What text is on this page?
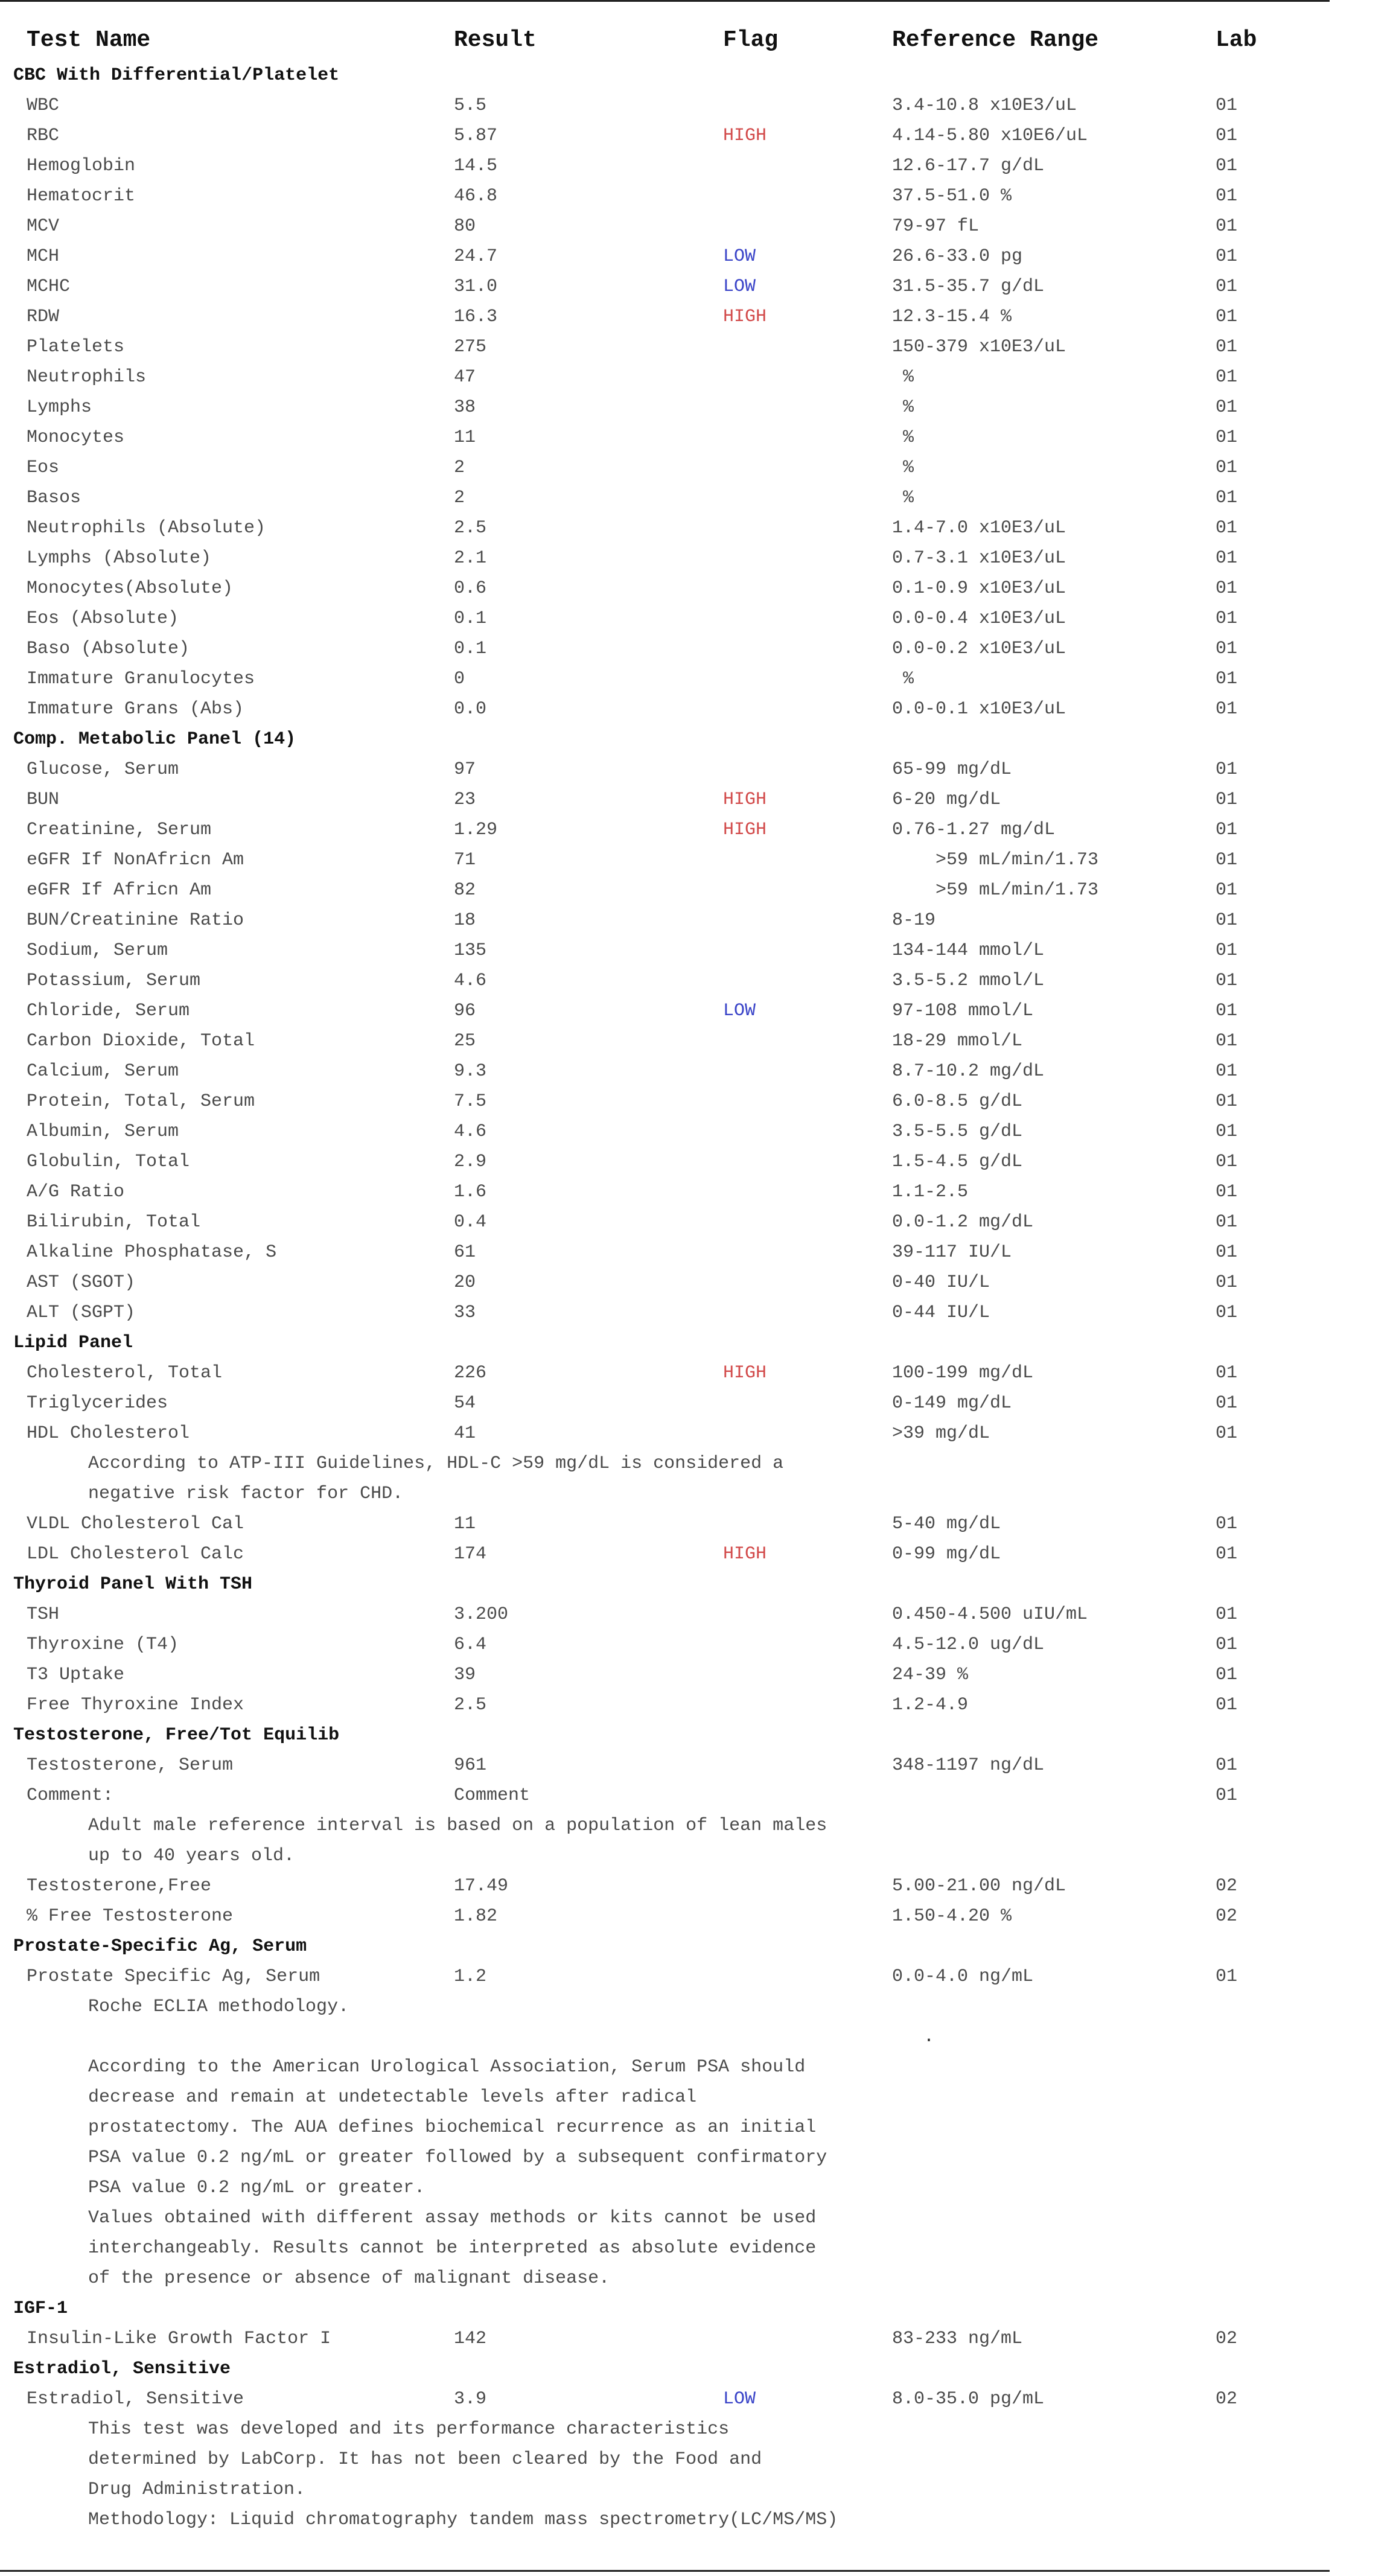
Test Name	Result	Flag	Reference Range	Lab
CBC With Differential/Platelet
WBC	5.5	3.4-10.8 x10E3/uL	01
RBC	5.87	HIGH	4.14-5.80 x10E6/uL	01
Hemoglobin	14.5	12.6-17.7 g/dL	01
Hematocrit	46.8	37.5-51.0 %	01
MCV	80	79-97 fL	01
MCH	24.7	LOW	26.6-33.0 pg	01
MCHC	31.0	LOW	31.5-35.7 g/dL	01
RDW	16.3	HIGH	12.3-15.4 %	01
Platelets	275	150-379 x10E3/uL	01
Neutrophils	47	%	01
Lymphs	38	%	01
Monocytes	11	%	01
Eos	2	%	01
Basos	2	%	01
Neutrophils (Absolute)	2.5	1.4-7.0 x10E3/uL	01
Lymphs (Absolute)	2.1	0.7-3.1 x10E3/uL	01
Monocytes(Absolute)	0.6	0.1-0.9 x10E3/uL	01
Eos (Absolute)	0.1	0.0-0.4 x10E3/uL	01
Baso (Absolute)	0.1	0.0-0.2 x10E3/uL	01
Immature Granulocytes	0	%	01
Immature Grans (Abs)	0.0	0.0-0.1 x10E3/uL	01
Comp. Metabolic Panel (14)
Glucose, Serum	97	65-99 mg/dL	01
BUN	23	HIGH	6-20 mg/dL	01
Creatinine, Serum	1.29	HIGH	0.76-1.27 mg/dL	01
eGFR If NonAfricn Am	71	>59 mL/min/1.73	01
eGFR If Africn Am	82	>59 mL/min/1.73	01
BUN/Creatinine Ratio	18	8-19	01
Sodium, Serum	135	134-144 mmol/L	01
Potassium, Serum	4.6	3.5-5.2 mmol/L	01
Chloride, Serum	96	LOW	97-108 mmol/L	01
Carbon Dioxide, Total	25	18-29 mmol/L	01
Calcium, Serum	9.3	8.7-10.2 mg/dL	01
Protein, Total, Serum	7.5	6.0-8.5 g/dL	01
Albumin, Serum	4.6	3.5-5.5 g/dL	01
Globulin, Total	2.9	1.5-4.5 g/dL	01
A/G Ratio	1.6	1.1-2.5	01
Bilirubin, Total	0.4	0.0-1.2 mg/dL	01
Alkaline Phosphatase, S	61	39-117 IU/L	01
AST (SGOT)	20	0-40 IU/L	01
ALT (SGPT)	33	0-44 IU/L	01
Lipid Panel
Cholesterol, Total	226	HIGH	100-199 mg/dL	01
Triglycerides	54	0-149 mg/dL	01
HDL Cholesterol	41	>39 mg/dL	01
According to ATP-III Guidelines, HDL-C >59 mg/dL is considered a
negative risk factor for CHD.
VLDL Cholesterol Cal	11	5-40 mg/dL	01
LDL Cholesterol Calc	174	HIGH	0-99 mg/dL	01
Thyroid Panel With TSH
TSH	3.200	0.450-4.500 uIU/mL	01
Thyroxine (T4)	6.4	4.5-12.0 ug/dL	01
T3 Uptake	39	24-39 %	01
Free Thyroxine Index	2.5	1.2-4.9	01
Testosterone, Free/Tot Equilib
Testosterone, Serum	961	348-1197 ng/dL	01
Comment:	Comment	01
Adult male reference interval is based on a population of lean males
up to 40 years old.
Testosterone,Free	17.49	5.00-21.00 ng/dL	02
% Free Testosterone	1.82	1.50-4.20 %	02
Prostate-Specific Ag, Serum
Prostate Specific Ag, Serum	1.2	0.0-4.0 ng/mL	01
Roche ECLIA methodology.
.
According to the American Urological Association, Serum PSA should
decrease and remain at undetectable levels after radical
prostatectomy. The AUA defines biochemical recurrence as an initial
PSA value 0.2 ng/mL or greater followed by a subsequent confirmatory
PSA value 0.2 ng/mL or greater.
Values obtained with different assay methods or kits cannot be used
interchangeably. Results cannot be interpreted as absolute evidence
of the presence or absence of malignant disease.
IGF-1
Insulin-Like Growth Factor I	142	83-233 ng/mL	02
Estradiol, Sensitive
Estradiol, Sensitive	3.9	LOW	8.0-35.0 pg/mL	02
This test was developed and its performance characteristics
determined by LabCorp. It has not been cleared by the Food and
Drug Administration.
Methodology: Liquid chromatography tandem mass spectrometry(LC/MS/MS)
